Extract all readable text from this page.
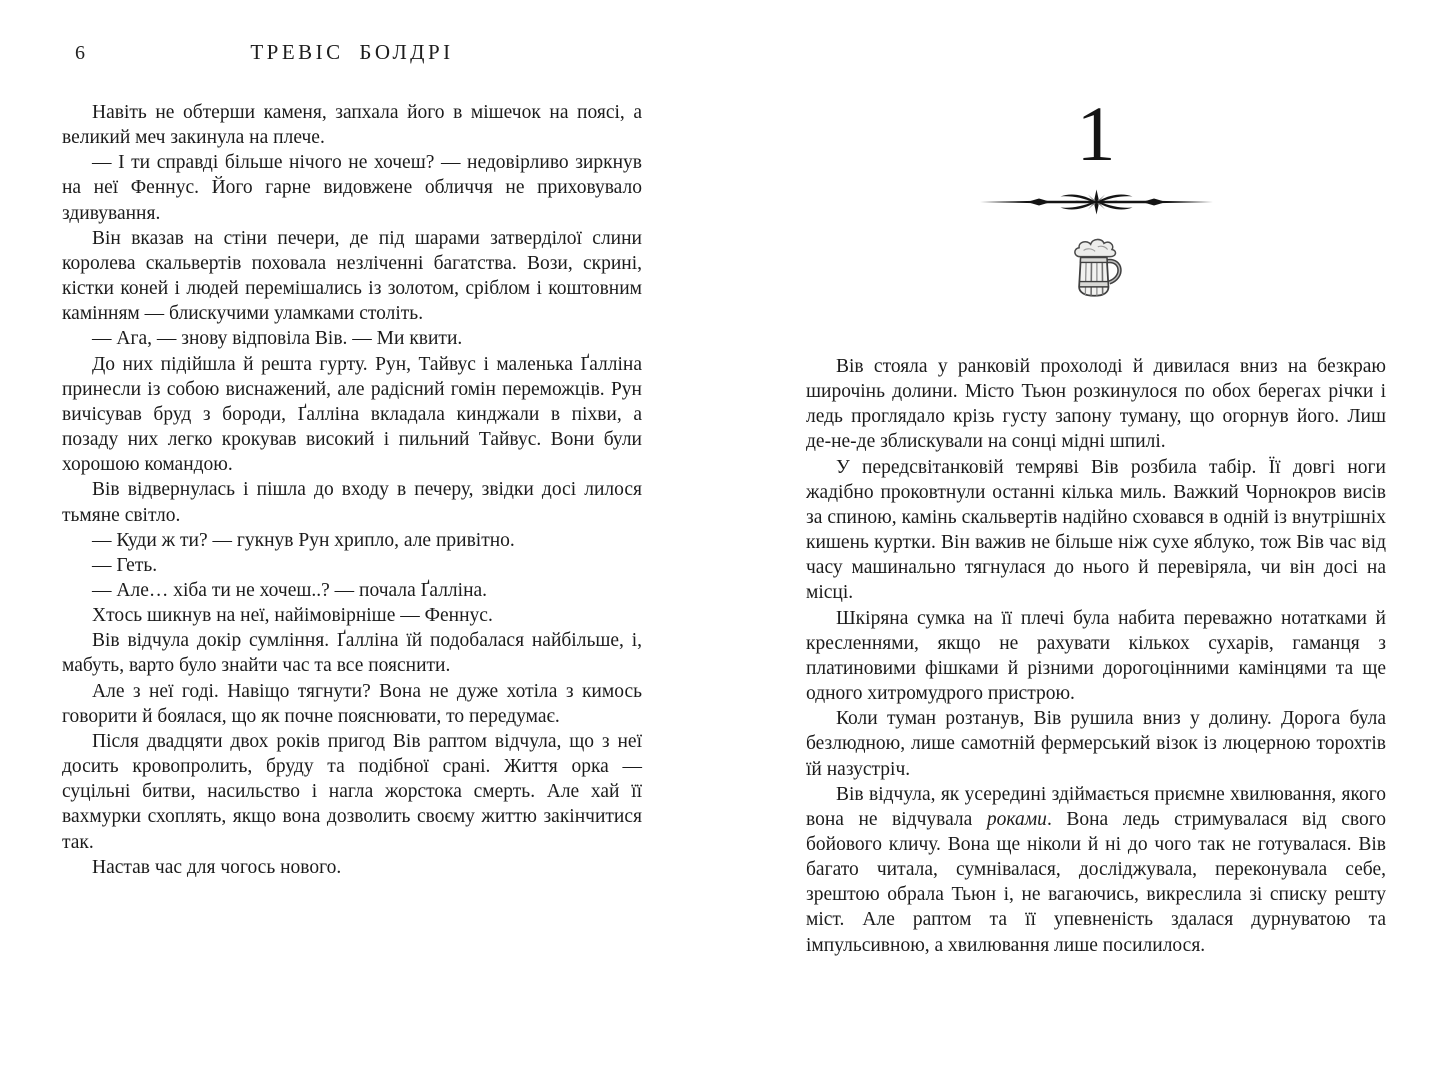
6	ТРЕВІС БОЛДРІ

Навіть не обтерши каменя, запхала його в мішечок на поясі, а великий меч закинула на плече.

— І ти справді більше нічого не хочеш? — недовірливо зиркнув на неї Феннус. Його гарне видовжене обличчя не приховувало здивування.

Він вказав на стіни печери, де під шарами затверділої слини королева скальвертів поховала незліченні багатства. Вози, скрині, кістки коней і людей перемішались із золотом, сріблом і коштовним камінням — блискучими уламками століть.

— Ага, — знову відповіла Вів. — Ми квити.

До них підійшла й решта гурту. Рун, Тайвус і маленька Ґалліна принесли із собою виснажений, але радісний гомін переможців. Рун вичісував бруд з бороди, Ґалліна вкладала кинджали в піхви, а позаду них легко крокував високий і пильний Тайвус. Вони були хорошою командою.

Вів відвернулась і пішла до входу в печеру, звідки досі лилося тьмяне світло.

— Куди ж ти? — гукнув Рун хрипло, але привітно.

— Геть.

— Але… хіба ти не хочеш..? — почала Ґалліна.

Хтось шикнув на неї, найімовірніше — Феннус.

Вів відчула докір сумління. Ґалліна їй подобалася найбільше, і, мабуть, варто було знайти час та все пояснити.

Але з неї годі. Навіщо тягнути? Вона не дуже хотіла з кимось говорити й боялася, що як почне пояснювати, то передумає.

Після двадцяти двох років пригод Вів раптом відчула, що з неї досить кровопролить, бруду та подібної срані. Життя орка — суцільні битви, насильство і нагла жорстока смерть. Але хай її вахмурки схоплять, якщо вона дозволить своєму життю закінчитися так.

Настав час для чогось нового.

1

Вів стояла у ранковій прохолоді й дивилася вниз на безкраю широчінь долини. Місто Тьюн розкинулося по обох берегах річки і ледь проглядало крізь густу запону туману, що огорнув його. Лиш де-не-де зблискували на сонці мідні шпилі.

У передсвітанковій темряві Вів розбила табір. Її довгі ноги жадібно проковтнули останні кілька миль. Важкий Чорнокров висів за спиною, камінь скальвертів надійно сховався в одній із внутрішніх кишень куртки. Він важив не більше ніж сухе яблуко, тож Вів час від часу машинально тягнулася до нього й перевіряла, чи він досі на місці.

Шкіряна сумка на її плечі була набита переважно нотатками й кресленнями, якщо не рахувати кількох сухарів, гаманця з платиновими фішками й різними дорогоцінними камінцями та ще одного хитромудрого пристрою.

Коли туман розтанув, Вів рушила вниз у долину. Дорога була безлюдною, лише самотній фермерський візок із люцерною торохтів їй назустріч.

Вів відчула, як усередині здіймається приємне хвилювання, якого вона не відчувала роками. Вона ледь стримувалася від свого бойового кличу. Вона ще ніколи й ні до чого так не готувалася. Вів багато читала, сумнівалася, досліджувала, переконувала себе, зрештою обрала Тьюн і, не вагаючись, викреслила зі списку решту міст. Але раптом та її упевненість здалася дурнуватою та імпульсивною, а хвилювання лише посилилося.
